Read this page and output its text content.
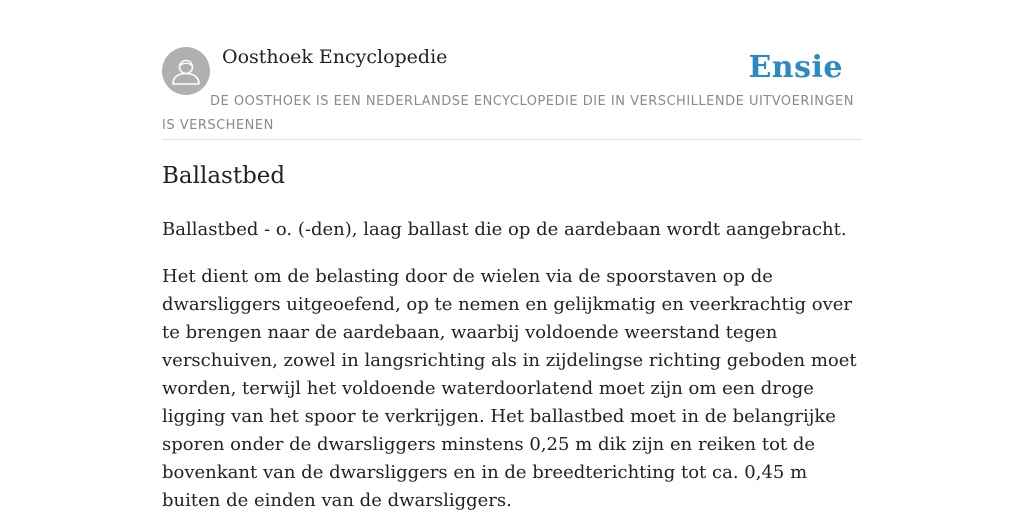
Oosthoek Encyclopedie	Ensie
DE OOSTHOEK IS EEN NEDERLANDSE ENCYCLOPEDIE DIE IN VERSCHILLENDE UITVOERINGEN IS VERSCHENEN
Ballastbed

Ballastbed - o. (-den), laag ballast die op de aardebaan wordt aangebracht.

Het dient om de belasting door de wielen via de spoorstaven op de dwarsliggers uitgeoefend, op te nemen en gelijkmatig en veerkrachtig over te brengen naar de aardebaan, waarbij voldoende weerstand tegen verschuiven, zowel in langsrichting als in zijdelingse richting geboden moet worden, terwijl het voldoende waterdoorlatend moet zijn om een droge ligging van het spoor te verkrijgen. Het ballastbed moet in de belangrijke sporen onder de dwarsliggers minstens 0,25 m dik zijn en reiken tot de bovenkant van de dwarsliggers en in de breedterichting tot ca. 0,45 m buiten de einden van de dwarsliggers.
